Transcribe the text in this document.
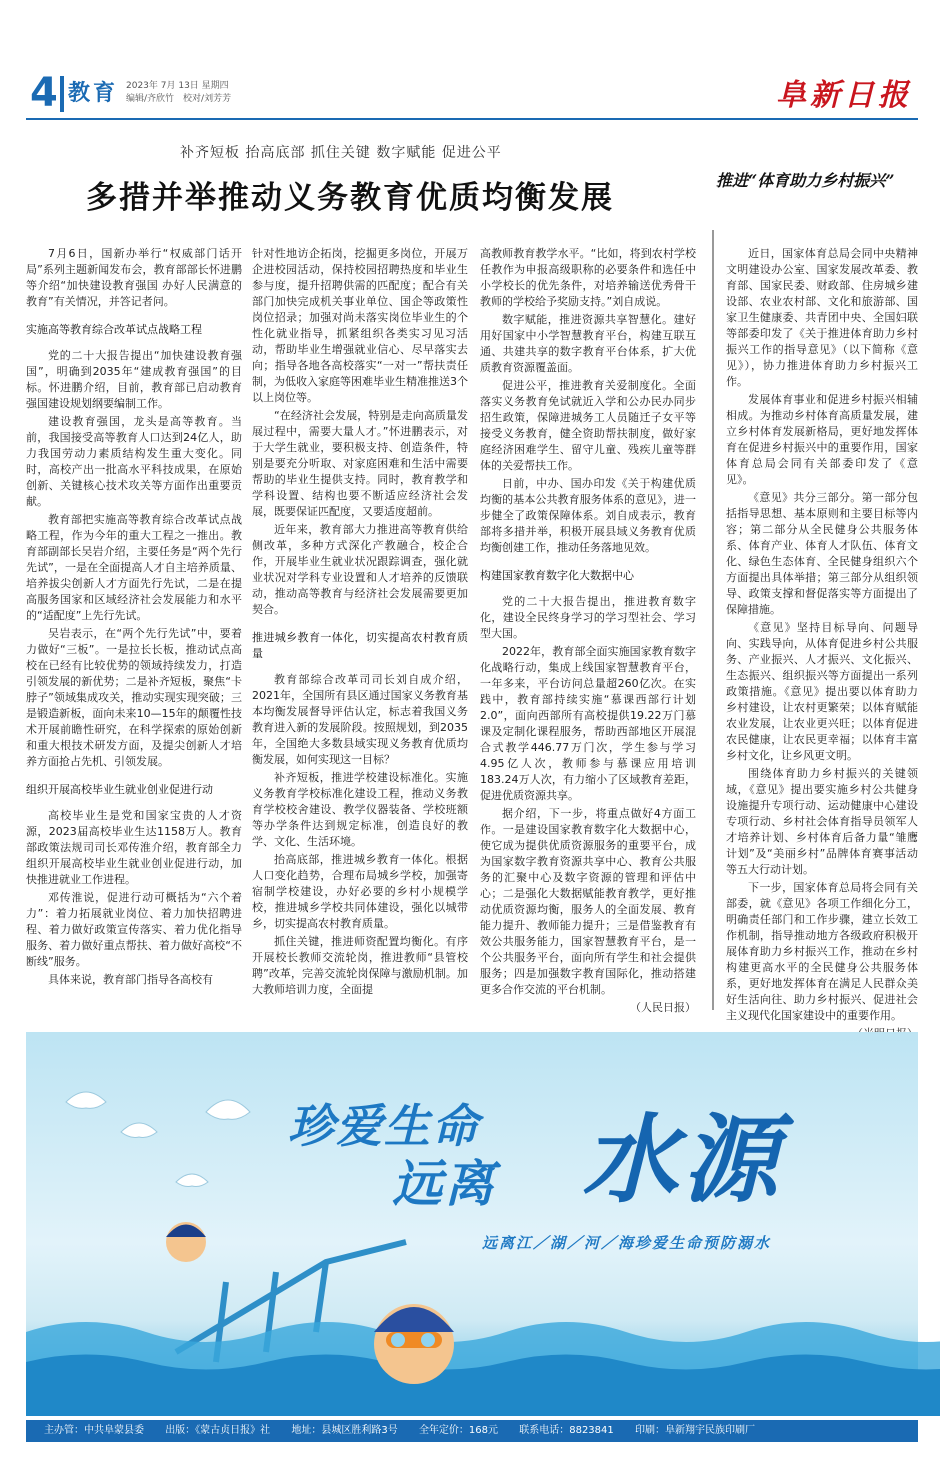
4 教育 2023年 7月 13日 星期四
编辑/齐欣竹　校对/刘芳芳	阜新日报
补齐短板 抬高底部 抓住关键 数字赋能 促进公平
多措并举推动义务教育优质均衡发展	推进“体育助力乡村振兴”

7月6日，国新办举行“权威部门话开局”系列主题新闻发布会，教育部部长怀进鹏等介绍“加快建设教育强国 办好人民满意的教育”有关情况，并答记者问。

实施高等教育综合改革试点战略工程

党的二十大报告提出“加快建设教育强国”，明确到2035年“建成教育强国”的目标。怀进鹏介绍，目前，教育部已启动教育强国建设规划纲要编制工作。

建设教育强国，龙头是高等教育。当前，我国接受高等教育人口达到24亿人，助力我国劳动力素质结构发生重大变化。同时，高校产出一批高水平科技成果，在原始创新、关键核心技术攻关等方面作出重要贡献。

教育部把实施高等教育综合改革试点战略工程，作为今年的重大工程之一推出。教育部副部长吴岩介绍，主要任务是“两个先行先试”，一是在全面提高人才自主培养质量、培养拔尖创新人才方面先行先试，二是在提高服务国家和区域经济社会发展能力和水平的“适配度”上先行先试。

吴岩表示，在“两个先行先试”中，要着力做好“三板”。一是拉长长板，推动试点高校在已经有比较优势的领域持续发力，打造引领发展的新优势；二是补齐短板，聚焦“卡脖子”领域集成攻关，推动实现实现突破；三是锻造新板，面向未来10—15年的颠覆性技术开展前瞻性研究，在科学探索的原始创新和重大根技术研发方面，及提尖创新人才培养方面抢占先机、引领发展。

组织开展高校毕业生就业创业促进行动

高校毕业生是党和国家宝贵的人才资源，2023届高校毕业生达1158万人。教育部政策法规司司长邓传淮介绍，教育部全力组织开展高校毕业生就业创业促进行动，加快推进就业工作进程。

邓传淮说，促进行动可概括为“六个着力”：着力拓展就业岗位、着力加快招聘进程、着力做好政策宣传落实、着力优化指导服务、着力做好重点帮扶、着力做好高校“不断线”服务。

具体来说，教育部门指导各高校有

针对性地访企拓岗，挖掘更多岗位，开展万企进校园活动，保持校园招聘热度和毕业生参与度，提升招聘供需的匹配度；配合有关部门加快完成机关事业单位、国企等政策性岗位招录；加强对尚未落实岗位毕业生的个性化就业指导，抓紧组织各类实习见习活动，帮助毕业生增强就业信心、尽早落实去向；指导各地各高校落实“一对一”帮扶责任制，为低收入家庭等困难毕业生精准推送3个以上岗位等。

“在经济社会发展，特别是走向高质量发展过程中，需要大量人才。”怀进鹏表示，对于大学生就业，要积极支持、创造条件，特别是要充分听取、对家庭困难和生活中需要帮助的毕业生提供支持。同时，教育教学和学科设置、结构也要不断适应经济社会发展，既要保证匹配度，又要适度超前。

近年来，教育部大力推进高等教育供给侧改革，多种方式深化产教融合，校企合作，开展毕业生就业状况跟踪调查，强化就业状况对学科专业设置和人才培养的反馈联动，推动高等教育与经济社会发展需要更加契合。

推进城乡教育一体化，切实提高农村教育质量

教育部综合改革司司长刘自成介绍，2021年，全国所有县区通过国家义务教育基本均衡发展督导评估认定，标志着我国义务教育进入新的发展阶段。按照规划，到2035年，全国绝大多数县域实现义务教育优质均衡发展，如何实现这一目标？

补齐短板，推进学校建设标准化。实施义务教育学校标准化建设工程，推动义务教育学校校舍建设、教学仪器装备、学校班额等办学条件达到规定标准，创造良好的教学、文化、生活环境。

抬高底部，推进城乡教育一体化。根据人口变化趋势，合理布局城乡学校，加强寄宿制学校建设，办好必要的乡村小规模学校，推进城乡学校共同体建设，强化以城带乡，切实提高农村教育质量。

抓住关键，推进师资配置均衡化。有序开展校长教师交流轮岗，推进教师“县管校聘”改革，完善交流轮岗保障与激励机制。加大教师培训力度，全面提

高教师教育教学水平。“比如，将到农村学校任教作为申报高级职称的必要条件和选任中小学校长的优先条件，对培养输送优秀骨干教师的学校给予奖励支持。”刘自成说。

数字赋能，推进资源共享智慧化。建好用好国家中小学智慧教育平台，构建互联互通、共建共享的数字教育平台体系，扩大优质教育资源覆盖面。

促进公平，推进教育关爱制度化。全面落实义务教育免试就近入学和公办民办同步招生政策，保障进城务工人员随迁子女平等接受义务教育，健全资助帮扶制度，做好家庭经济困难学生、留守儿童、残疾儿童等群体的关爱帮扶工作。

日前，中办、国办印发《关于构建优质均衡的基本公共教育服务体系的意见》，进一步健全了政策保障体系。刘自成表示，教育部将多措并举，积极开展县域义务教育优质均衡创建工作，推动任务落地见效。

构建国家教育数字化大数据中心

党的二十大报告提出，推进教育数字化，建设全民终身学习的学习型社会、学习型大国。

2022年，教育部全面实施国家教育数字化战略行动，集成上线国家智慧教育平台，一年多来，平台访问总量超260亿次。在实践中，教育部持续实施“慕课西部行计划2.0”，面向西部所有高校提供19.22万门慕课及定制化课程服务，帮助西部地区开展混合式教学446.77万门次，学生参与学习4.95亿人次，教师参与慕课应用培训183.24万人次，有力缩小了区域教育差距，促进优质资源共享。

据介绍，下一步，将重点做好4方面工作。一是建设国家教育数字化大数据中心，使它成为提供优质资源服务的重要平台，成为国家数字教育资源共享中心、教育公共服务的汇聚中心及数字资源的管理和评估中心；二是强化大数据赋能教育教学，更好推动优质资源均衡，服务人的全面发展、教育能力提升、教师能力提升；三是借鉴教育有效公共服务能力，国家智慧教育平台，是一个公共服务平台，面向所有学生和社会提供服务；四是加强数字教育国际化，推动搭建更多合作交流的平台机制。

（人民日报）

近日，国家体育总局会同中央精神文明建设办公室、国家发展改革委、教育部、国家民委、财政部、住房城乡建设部、农业农村部、文化和旅游部、国家卫生健康委、共青团中央、全国妇联等部委印发了《关于推进体育助力乡村振兴工作的指导意见》（以下简称《意见》），协力推进体育助力乡村振兴工作。

发展体育事业和促进乡村振兴相辅相成。为推动乡村体育高质量发展，建立乡村体育发展新格局，更好地发挥体育在促进乡村振兴中的重要作用，国家体育总局会同有关部委印发了《意见》。

《意见》共分三部分。第一部分包括指导思想、基本原则和主要目标等内容；第二部分从全民健身公共服务体系、体育产业、体育人才队伍、体育文化、绿色生态体育、全民健身组织六个方面提出具体举措；第三部分从组织领导、政策支撑和督促落实等方面提出了保障措施。

《意见》坚持目标导向、问题导向、实践导向，从体育促进乡村公共服务、产业振兴、人才振兴、文化振兴、生态振兴、组织振兴等方面提出一系列政策措施。《意见》提出要以体育助力乡村建设，让农村更繁荣；以体育赋能农业发展，让农业更兴旺；以体育促进农民健康，让农民更幸福；以体育丰富乡村文化，让乡风更文明。

围绕体育助力乡村振兴的关键领域，《意见》提出要实施乡村公共健身设施提升专项行动、运动健康中心建设专项行动、乡村社会体育指导员领军人才培养计划、乡村体育后备力量“雏鹰计划”及“美丽乡村”品牌体育赛事活动等五大行动计划。

下一步，国家体育总局将会同有关部委，就《意见》各项工作细化分工，明确责任部门和工作步骤，建立长效工作机制，指导推动地方各级政府积极开展体育助力乡村振兴工作，推动在乡村构建更高水平的全民健身公共服务体系，更好地发挥体育在满足人民群众美好生活向往、助力乡村振兴、促进社会主义现代化国家建设中的重要作用。

珍爱生命
远离 水源
远离江／湖／河／海珍爱生命预防溺水
主办管：中共阜蒙县委 出版：《蒙古贞日报》社 地址：县城区胜利路3号 全年定价：168元 联系电话：8823841 印刷：阜新翔宇民族印刷厂
